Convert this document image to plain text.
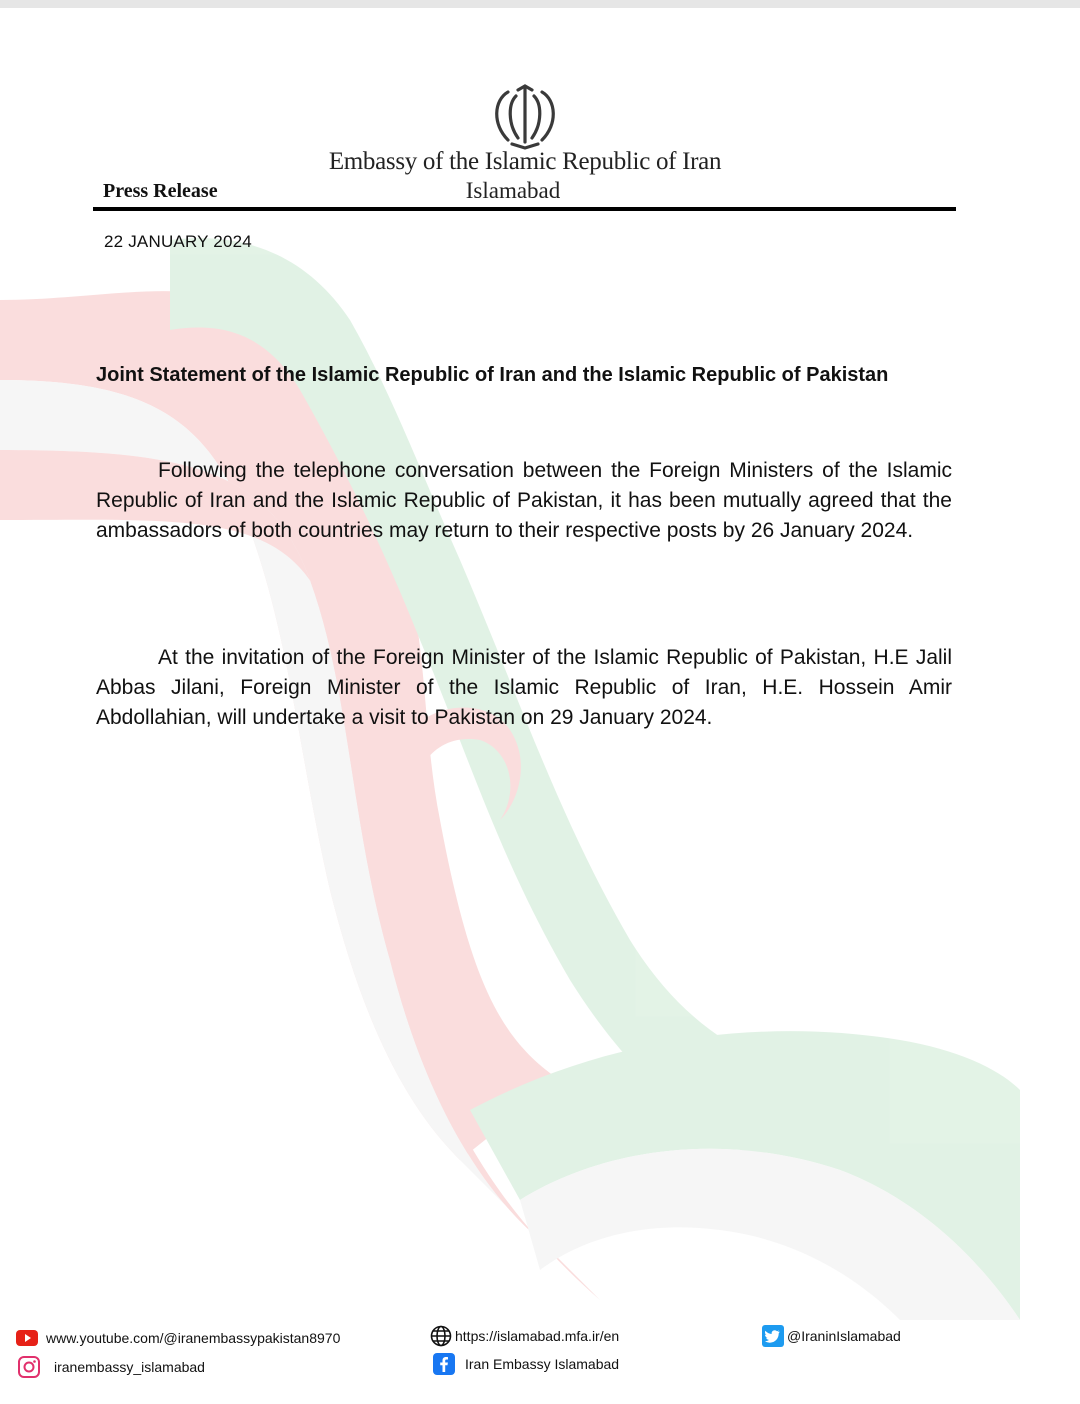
Embassy of the Islamic Republic of Iran
Islamabad
Press Release
22 JANUARY 2024
Joint Statement of the Islamic Republic of Iran and the Islamic Republic of Pakistan

Following the telephone conversation between the Foreign Ministers of the Islamic Republic of Iran and the Islamic Republic of Pakistan, it has been mutually agreed that the ambassadors of both countries may return to their respective posts by 26 January 2024.

At the invitation of the Foreign Minister of the Islamic Republic of Pakistan, H.E Jalil Abbas Jilani, Foreign Minister of the Islamic Republic of Iran, H.E. Hossein Amir Abdollahian, will undertake a visit to Pakistan on 29 January 2024.

www.youtube.com/@iranembassypakistan8970	https://islamabad.mfa.ir/en	@IraninIslamabad
iranembassy_islamabad	Iran Embassy Islamabad
